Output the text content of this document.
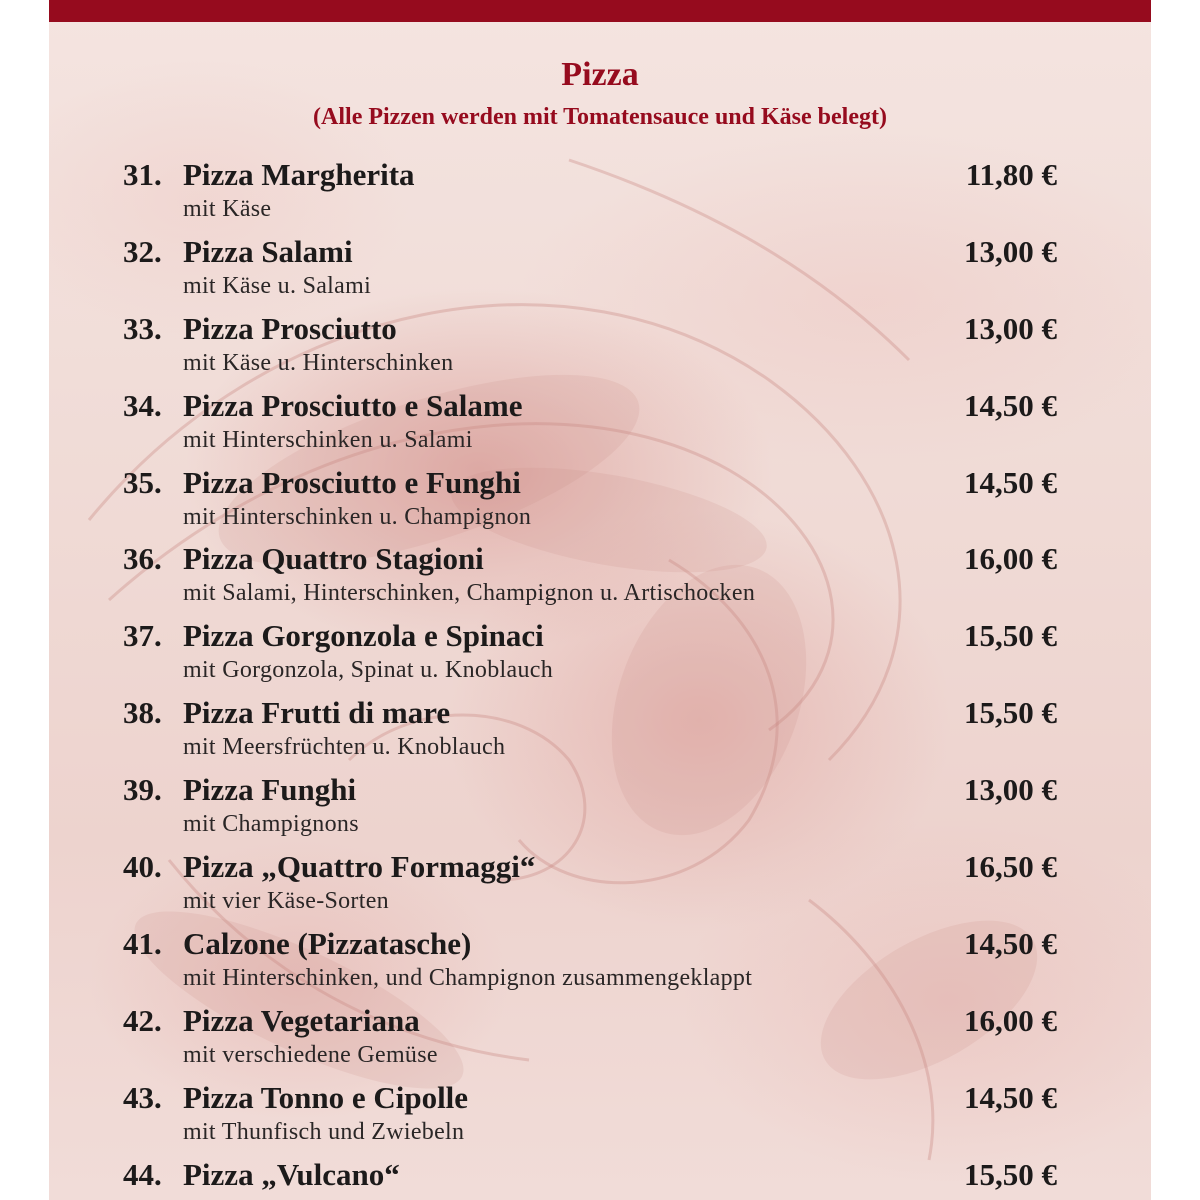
Pizza
(Alle Pizzen werden mit Tomatensauce und Käse belegt)
31. Pizza Margherita
mit Käse
11,80 €
32. Pizza Salami
mit Käse u. Salami
13,00 €
33. Pizza Prosciutto
mit Käse u. Hinterschinken
13,00 €
34. Pizza Prosciutto e Salame
mit Hinterschinken u. Salami
14,50 €
35. Pizza Prosciutto e Funghi
mit Hinterschinken u. Champignon
14,50 €
36. Pizza Quattro Stagioni
mit Salami, Hinterschinken, Champignon u. Artischocken
16,00 €
37. Pizza Gorgonzola e Spinaci
mit Gorgonzola, Spinat u. Knoblauch
15,50 €
38. Pizza Frutti di mare
mit Meersfrüchten u. Knoblauch
15,50 €
39. Pizza Funghi
mit Champignons
13,00 €
40. Pizza „Quattro Formaggi“
mit vier Käse-Sorten
16,50 €
41. Calzone (Pizzatasche)
mit Hinterschinken, und Champignon zusammengeklappt
14,50 €
42. Pizza Vegetariana
mit verschiedene Gemüse
16,00 €
43. Pizza Tonno e Cipolle
mit Thunfisch und Zwiebeln
14,50 €
44. Pizza „Vulcano“	15,50 €
